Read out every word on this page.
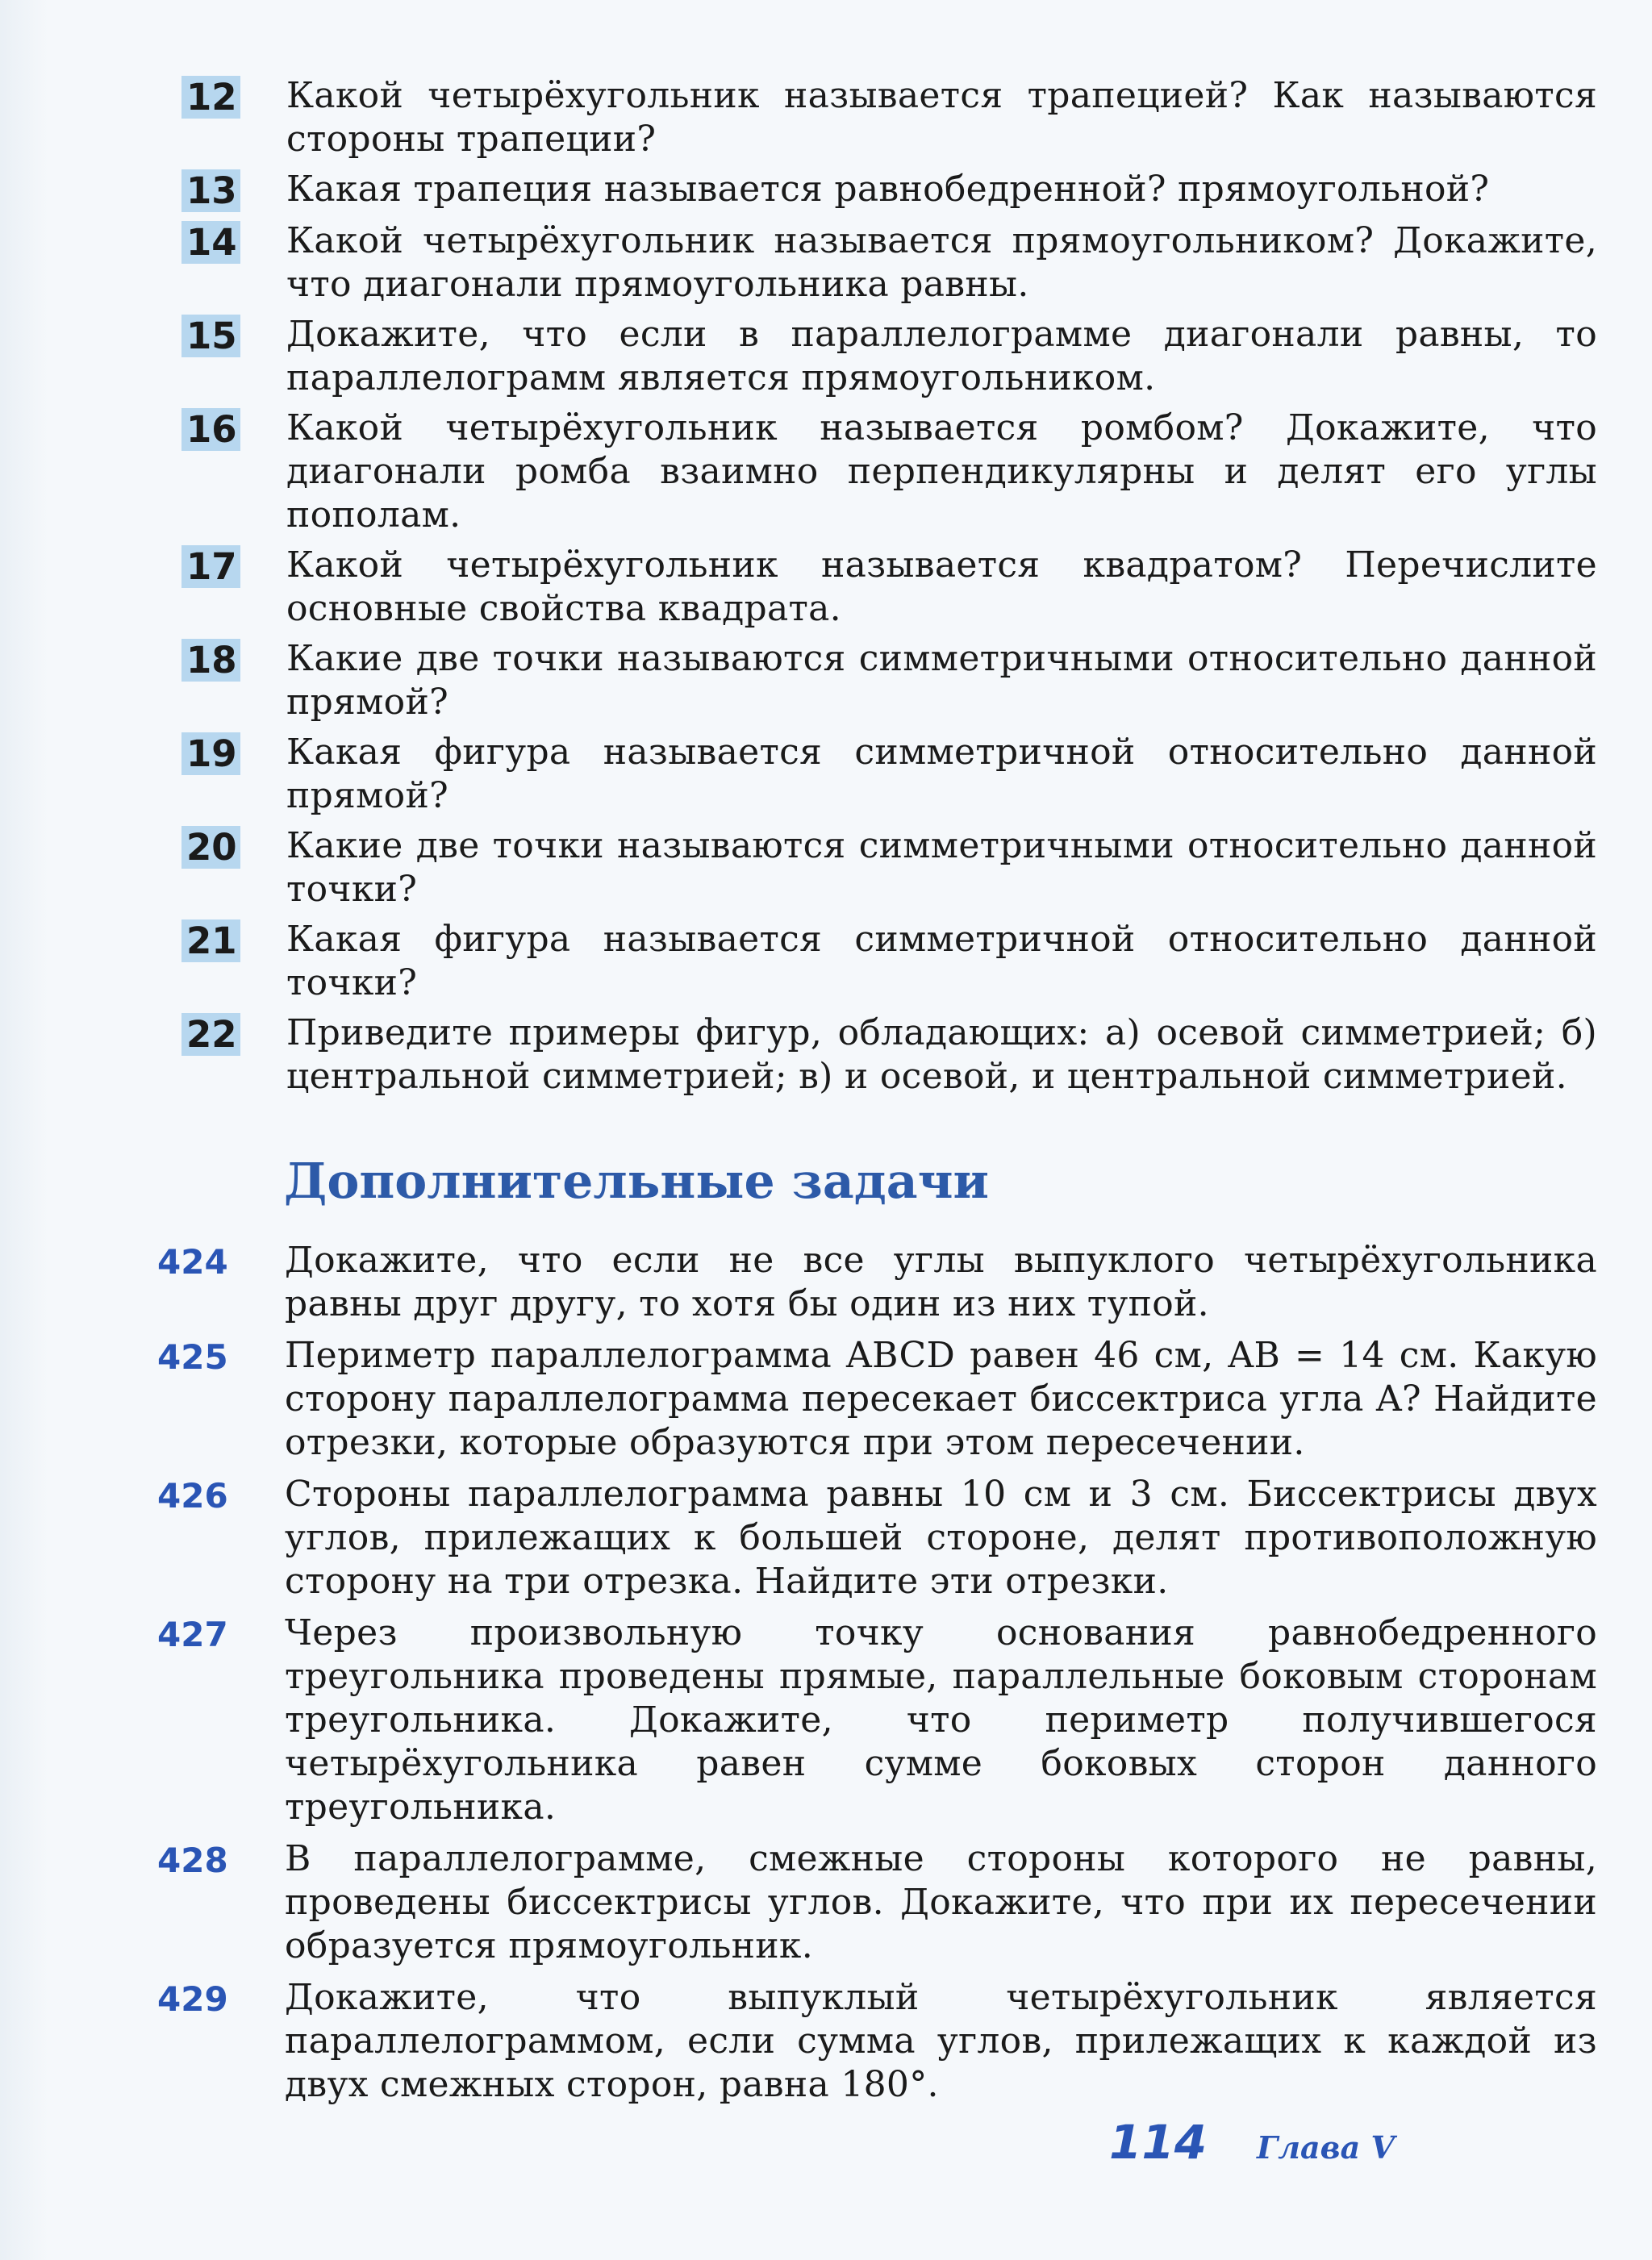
12	Какой четырёхугольник называется трапецией? Как называются стороны трапеции?
13	Какая трапеция называется равнобедренной? прямоугольной?
14	Какой четырёхугольник называется прямоугольником? Докажите, что диагонали прямоугольника равны.
15	Докажите, что если в параллелограмме диагонали равны, то параллелограмм является прямоугольником.
16	Какой четырёхугольник называется ромбом? Докажите, что диагонали ромба взаимно перпендикулярны и делят его углы пополам.
17	Какой четырёхугольник называется квадратом? Перечислите основные свойства квадрата.
18	Какие две точки называются симметричными относительно данной прямой?
19	Какая фигура называется симметричной относительно данной прямой?
20	Какие две точки называются симметричными относительно данной точки?
21	Какая фигура называется симметричной относительно данной точки?
22	Приведите примеры фигур, обладающих: а) осевой симметрией; б) центральной симметрией; в) и осевой, и центральной симметрией.
Дополнительные задачи
424	Докажите, что если не все углы выпуклого четырёхугольника равны друг другу, то хотя бы один из них тупой.
425	Периметр параллелограмма ABCD равен 46 см, AB = 14 см. Какую сторону параллелограмма пересекает биссектриса угла A? Найдите отрезки, которые образуются при этом пересечении.
426	Стороны параллелограмма равны 10 см и 3 см. Биссектрисы двух углов, прилежащих к большей стороне, делят противоположную сторону на три отрезка. Найдите эти отрезки.
427	Через произвольную точку основания равнобедренного треугольника проведены прямые, параллельные боковым сторонам треугольника. Докажите, что периметр получившегося четырёхугольника равен сумме боковых сторон данного треугольника.
428	В параллелограмме, смежные стороны которого не равны, проведены биссектрисы углов. Докажите, что при их пересечении образуется прямоугольник.
429	Докажите, что выпуклый четырёхугольник является параллелограммом, если сумма углов, прилежащих к каждой из двух смежных сторон, равна 180°.
114 Глава V
